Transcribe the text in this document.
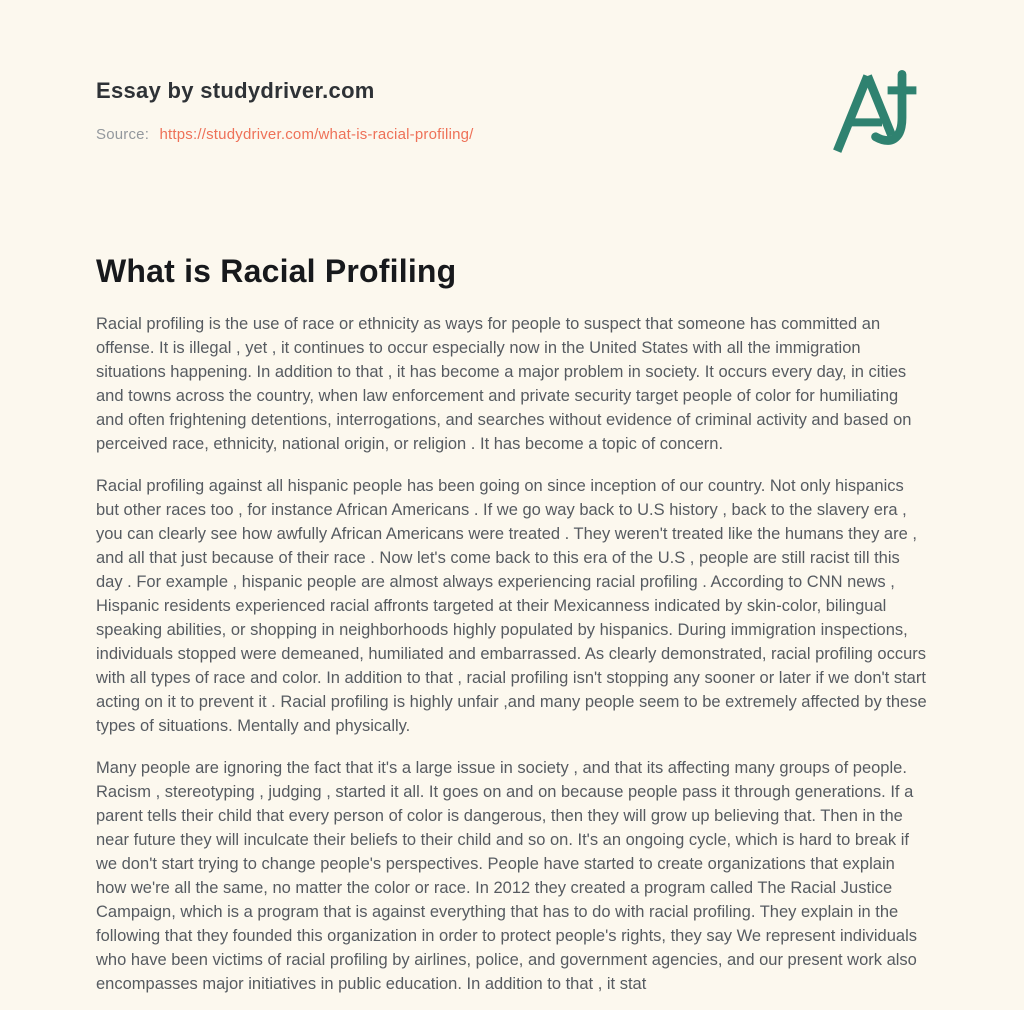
Essay by studydriver.com
Source: https://studydriver.com/what-is-racial-profiling/
What is Racial Profiling

Racial profiling is the use of race or ethnicity as ways for people to suspect that someone has committed an offense. It is illegal , yet , it continues to occur especially now in the United States with all the immigration situations happening. In addition to that , it has become a major problem in society. It occurs every day, in cities and towns across the country, when law enforcement and private security target people of color for humiliating and often frightening detentions, interrogations, and searches without evidence of criminal activity and based on perceived race, ethnicity, national origin, or religion . It has become a topic of concern.

Racial profiling against all hispanic people has been going on since inception of our country. Not only hispanics but other races too , for instance African Americans . If we go way back to U.S history , back to the slavery era , you can clearly see how awfully African Americans were treated . They weren't treated like the humans they are , and all that just because of their race . Now let's come back to this era of the U.S , people are still racist till this day . For example , hispanic people are almost always experiencing racial profiling . According to CNN news , Hispanic residents experienced racial affronts targeted at their Mexicanness indicated by skin-color, bilingual speaking abilities, or shopping in neighborhoods highly populated by hispanics. During immigration inspections, individuals stopped were demeaned, humiliated and embarrassed. As clearly demonstrated, racial profiling occurs with all types of race and color. In addition to that , racial profiling isn't stopping any sooner or later if we don't start acting on it to prevent it . Racial profiling is highly unfair ,and many people seem to be extremely affected by these types of situations. Mentally and physically.

Many people are ignoring the fact that it's a large issue in society , and that its affecting many groups of people. Racism , stereotyping , judging , started it all. It goes on and on because people pass it through generations. If a parent tells their child that every person of color is dangerous, then they will grow up believing that. Then in the near future they will inculcate their beliefs to their child and so on. It's an ongoing cycle, which is hard to break if we don't start trying to change people's perspectives. People have started to create organizations that explain how we're all the same, no matter the color or race. In 2012 they created a program called The Racial Justice Campaign, which is a program that is against everything that has to do with racial profiling. They explain in the following that they founded this organization in order to protect people's rights, they say We represent individuals who have been victims of racial profiling by airlines, police, and government agencies, and our present work also encompasses major initiatives in public education. In addition to that , it stat
